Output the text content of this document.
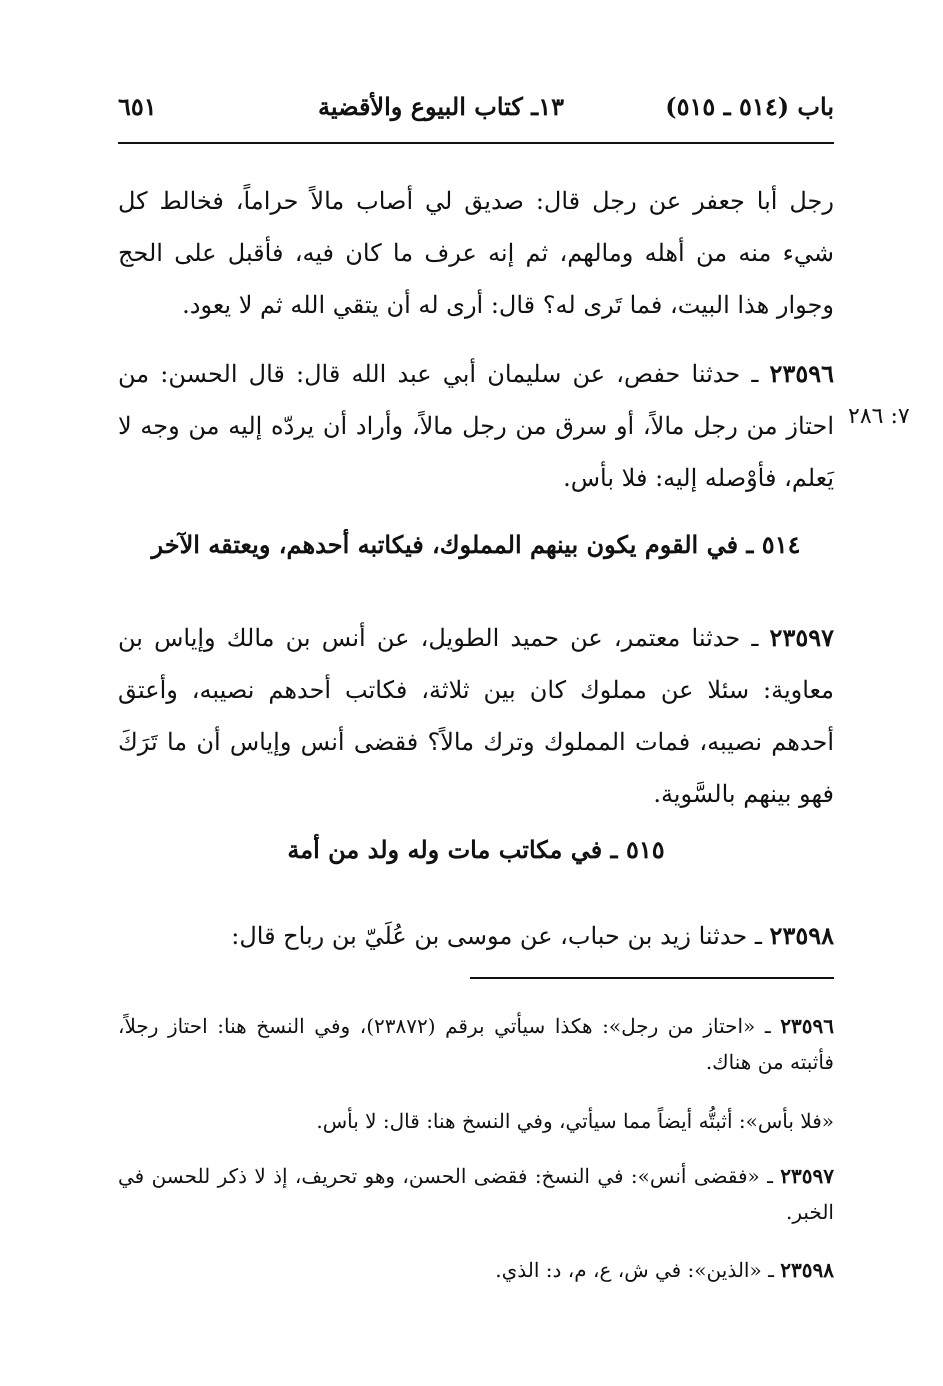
باب (٥١٤ ـ ٥١٥)
١٣ـ كتاب البيوع والأقضية
٦٥١
رجل أبا جعفر عن رجل قال: صديق لي أصاب مالاً حراماً، فخالط كل شيء منه من أهله ومالهم، ثم إنه عرف ما كان فيه، فأقبل على الحج وجوار هذا البيت، فما تَرى له؟ قال: أرى له أن يتقي الله ثم لا يعود.
٢٣٥٩٦ ـ حدثنا حفص، عن سليمان أبي عبد الله قال: قال الحسن: من احتاز من رجل مالاً، أو سرق من رجل مالاً، وأراد أن يردّه إليه من وجه لا يَعلم، فأوْصله إليه: فلا بأس.
٧: ٢٨٦
٥١٤ ـ في القوم يكون بينهم المملوك، فيكاتبه أحدهم، ويعتقه الآخر
٢٣٥٩٧ ـ حدثنا معتمر، عن حميد الطويل، عن أنس بن مالك وإياس بن معاوية: سئلا عن مملوك كان بين ثلاثة، فكاتب أحدهم نصيبه، وأعتق أحدهم نصيبه، فمات المملوك وترك مالاً؟ فقضى أنس وإياس أن ما تَرَكَ فهو بينهم بالسَّوية.
٥١٥ ـ في مكاتب مات وله ولد من أمة
٢٣٥٩٨ ـ حدثنا زيد بن حباب، عن موسى بن عُلَيّ بن رباح قال:
٢٣٥٩٦ ـ «احتاز من رجل»: هكذا سيأتي برقم (٢٣٨٧٢)، وفي النسخ هنا: احتاز رجلاً، فأثبته من هناك.
«فلا بأس»: أثبتُّه أيضاً مما سيأتي، وفي النسخ هنا: قال: لا بأس.
٢٣٥٩٧ ـ «فقضى أنس»: في النسخ: فقضى الحسن، وهو تحريف، إذ لا ذكر للحسن في الخبر.
٢٣٥٩٨ ـ «الذين»: في ش، ع، م، د: الذي.
